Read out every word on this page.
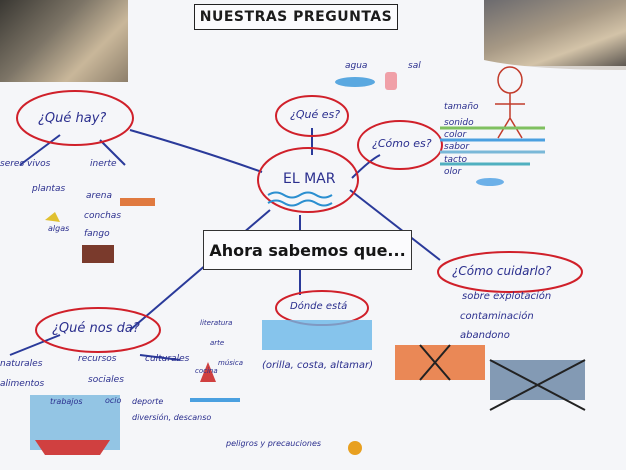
NUESTRAS PREGUNTAS
Ahora sabemos que...
EL MAR
¿Qué hay?	¿Qué es?
¿Cómo es?
¿Cómo cuidarlo?
Dónde está
¿Qué nos da?
agua	sal
tamaño
sonido
color
sabor
tacto
olor
seres vivos	inerte
plantas
algas
arena
conchas
fango
sobre explotación
contaminación
abandono
(orilla, costa, altamar)
naturales
alimentos
recursos	culturales
sociales
trabajos	ocio deporte
diversión, descanso
literatura
arte
música
cocina
peligros y precauciones
